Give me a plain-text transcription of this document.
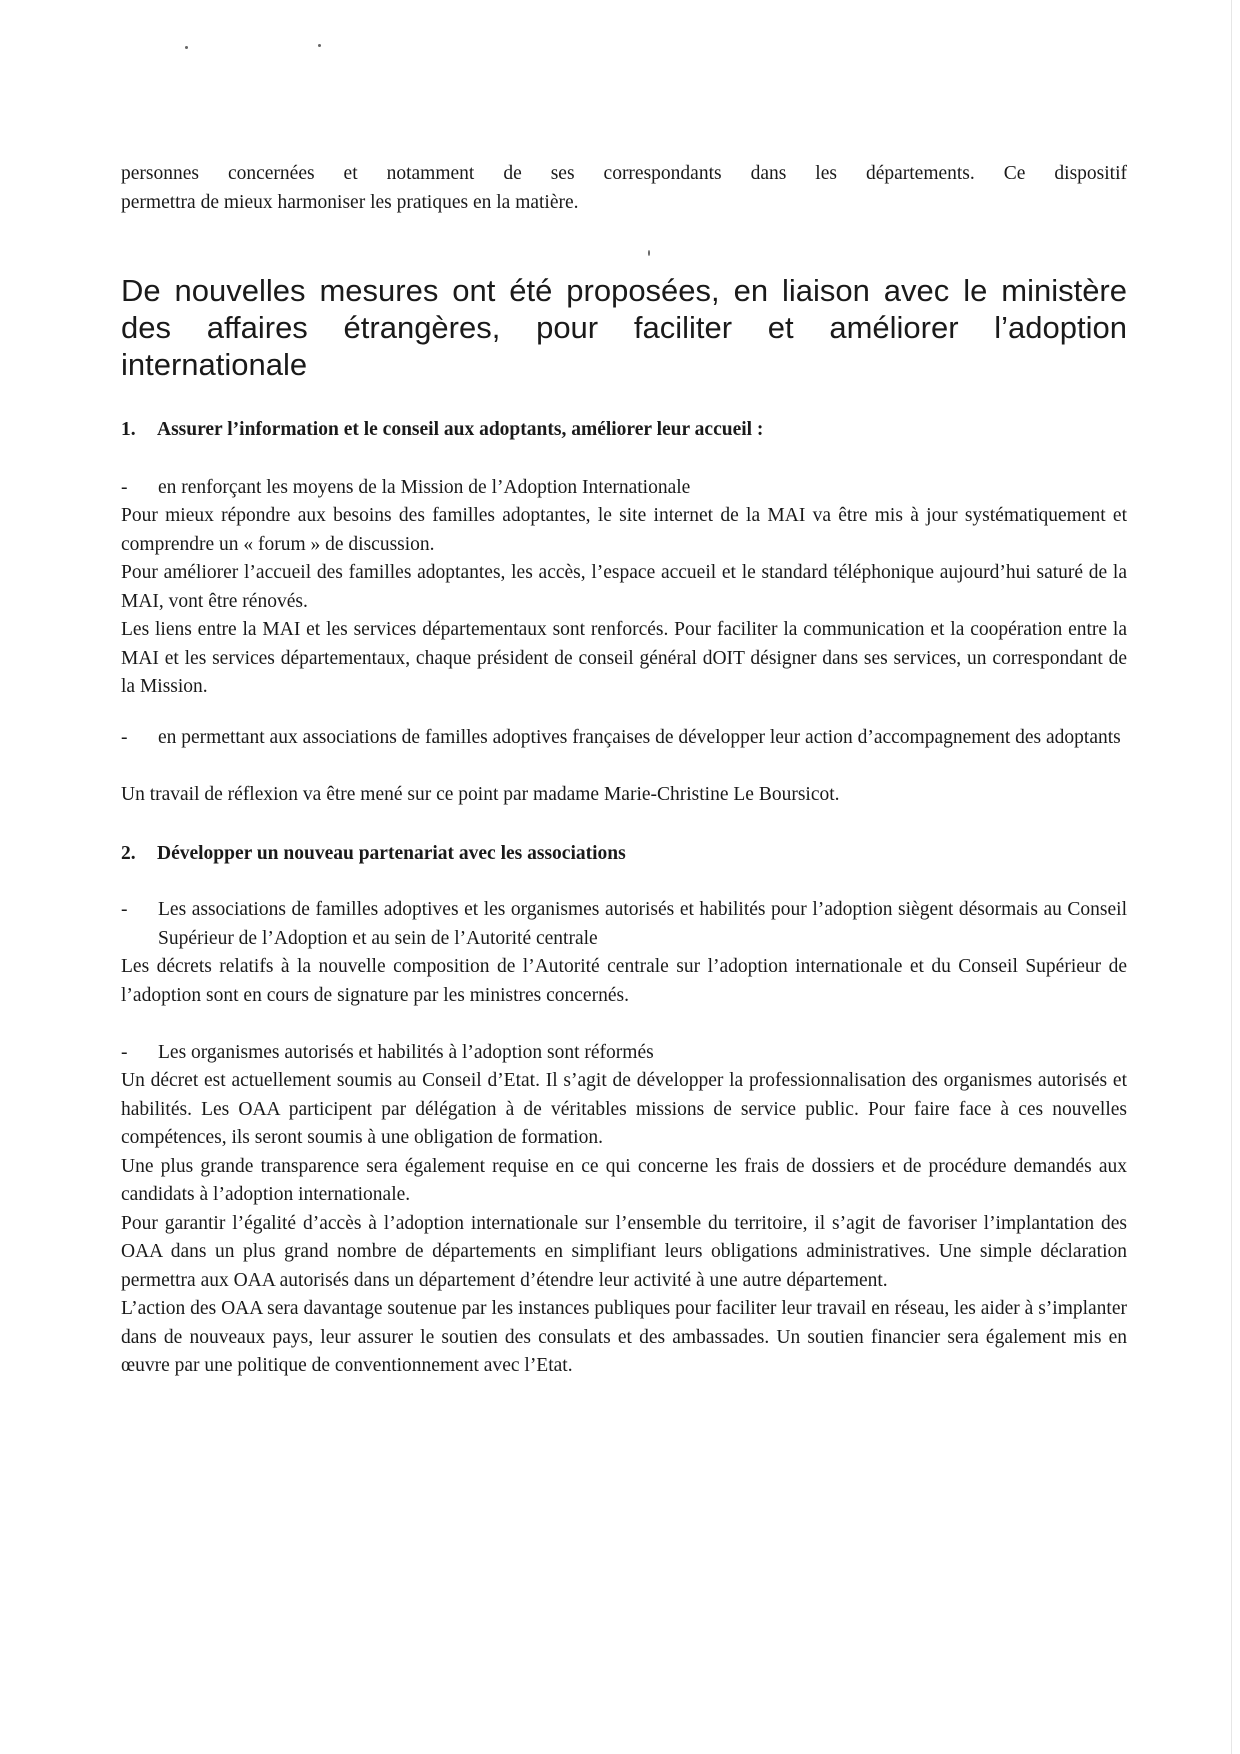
personnes concernées et notamment de ses correspondants dans les départements. Ce dispositif

permettra de mieux harmoniser les pratiques en la matière.

De nouvelles mesures ont été proposées, en liaison avec le ministère des affaires étrangères, pour faciliter et améliorer l’adoption internationale
1. Assurer l’information et le conseil aux adoptants, améliorer leur accueil :
- en renforçant les moyens de la Mission de l’Adoption Internationale

Pour mieux répondre aux besoins des familles adoptantes, le site internet de la MAI va être mis à jour systématiquement et comprendre un « forum » de discussion.

Pour améliorer l’accueil des familles adoptantes, les accès, l’espace accueil et le standard téléphonique aujourd’hui saturé de la MAI, vont être rénovés.

Les liens entre la MAI et les services départementaux sont renforcés. Pour faciliter la communication et la coopération entre la MAI et les services départementaux, chaque président de conseil général dOIT désigner dans ses services, un correspondant de la Mission.

- en permettant aux associations de familles adoptives françaises de développer leur action d’accompagnement des adoptants
Un travail de réflexion va être mené sur ce point par madame Marie-Christine Le Boursicot.
2. Développer un nouveau partenariat avec les associations
- Les associations de familles adoptives et les organismes autorisés et habilités pour l’adoption siègent désormais au Conseil Supérieur de l’Adoption et au sein de l’Autorité centrale
Les décrets relatifs à la nouvelle composition de l’Autorité centrale sur l’adoption internationale et du Conseil Supérieur de l’adoption sont en cours de signature par les ministres concernés.
- Les organismes autorisés et habilités à l’adoption sont réformés

Un décret est actuellement soumis au Conseil d’Etat. Il s’agit de développer la professionnalisation des organismes autorisés et habilités. Les OAA participent par délégation à de véritables missions de service public. Pour faire face à ces nouvelles compétences, ils seront soumis à une obligation de formation.

Une plus grande transparence sera également requise en ce qui concerne les frais de dossiers et de procédure demandés aux candidats à l’adoption internationale.

Pour garantir l’égalité d’accès à l’adoption internationale sur l’ensemble du territoire, il s’agit de favoriser l’implantation des OAA dans un plus grand nombre de départements en simplifiant leurs obligations administratives. Une simple déclaration permettra aux OAA autorisés dans un département d’étendre leur activité à une autre département.

L’action des OAA sera davantage soutenue par les instances publiques pour faciliter leur travail en réseau, les aider à s’implanter dans de nouveaux pays, leur assurer le soutien des consulats et des ambassades. Un soutien financier sera également mis en œuvre par une politique de conventionnement avec l’Etat.
